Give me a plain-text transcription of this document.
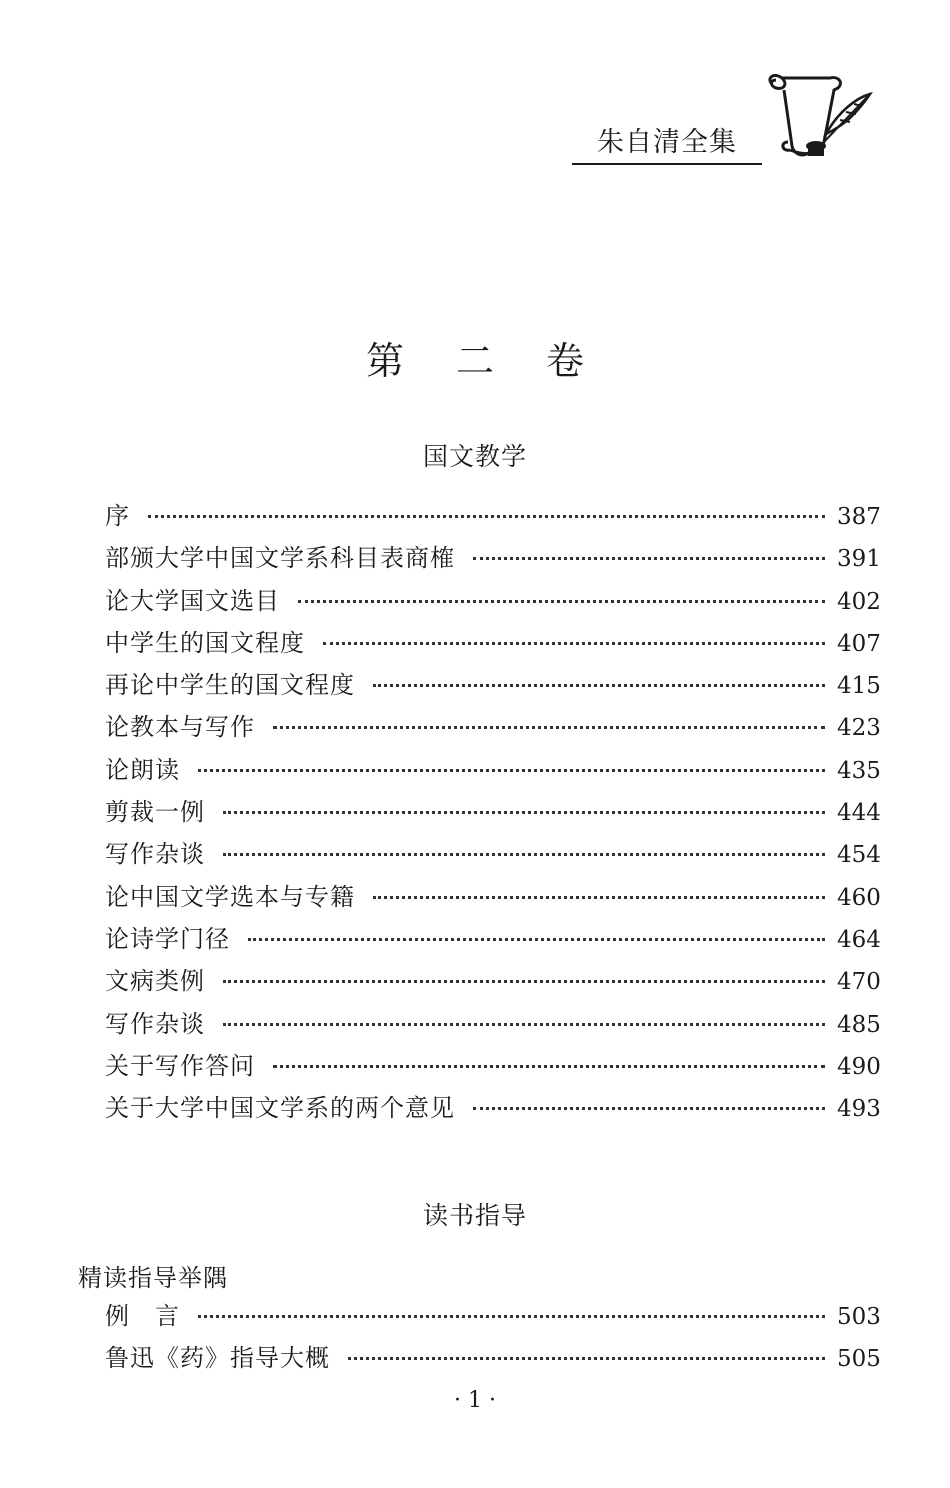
朱自清全集
第 二 卷
国文教学
序	387
部颁大学中国文学系科目表商榷	391
论大学国文选目	402
中学生的国文程度	407
再论中学生的国文程度	415
论教本与写作	423
论朗读	435
剪裁一例	444
写作杂谈	454
论中国文学选本与专籍	460
论诗学门径	464
文病类例	470
写作杂谈	485
关于写作答问	490
关于大学中国文学系的两个意见	493
读书指导
精读指导举隅
例　言	503
鲁迅《药》指导大概	505
· 1 ·
